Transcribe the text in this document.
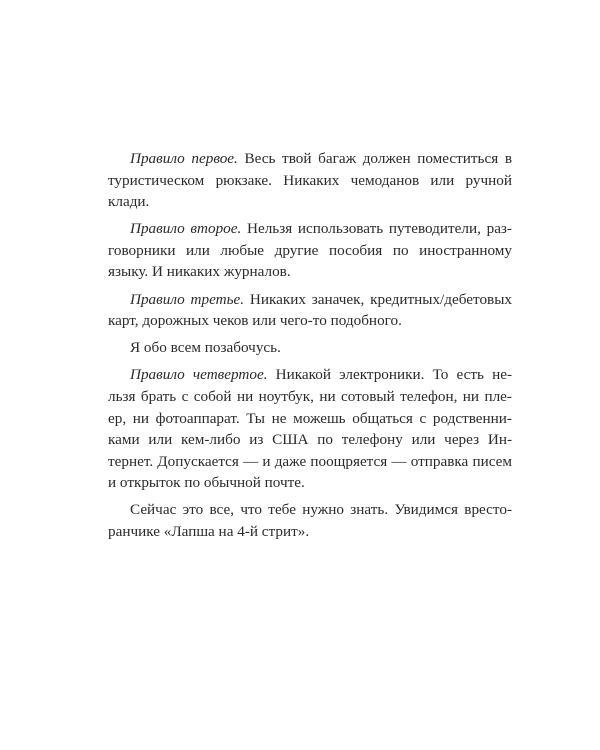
Правило первое. Весь твой багаж должен поместиться в туристическом рюкзаке. Никаких чемоданов или ручной клади.

Правило второе. Нельзя использовать путеводители, раз-говорники или любые другие пособия по иностранному языку. И никаких журналов.

Правило третье. Никаких заначек, кредитных/дебетовых карт, дорожных чеков или чего-то подобного.

Я обо всем позабочусь.

Правило четвертое. Никакой электроники. То есть не-льзя брать с собой ни ноутбук, ни сотовый телефон, ни пле-ер, ни фотоаппарат. Ты не можешь общаться с родственни-ками или кем-либо из США по телефону или через Ин-тернет. Допускается — и даже поощряется — отправка писем и открыток по обычной почте.

Сейчас это все, что тебе нужно знать. Увидимся вресто-ранчике «Лапша на 4-й стрит».
